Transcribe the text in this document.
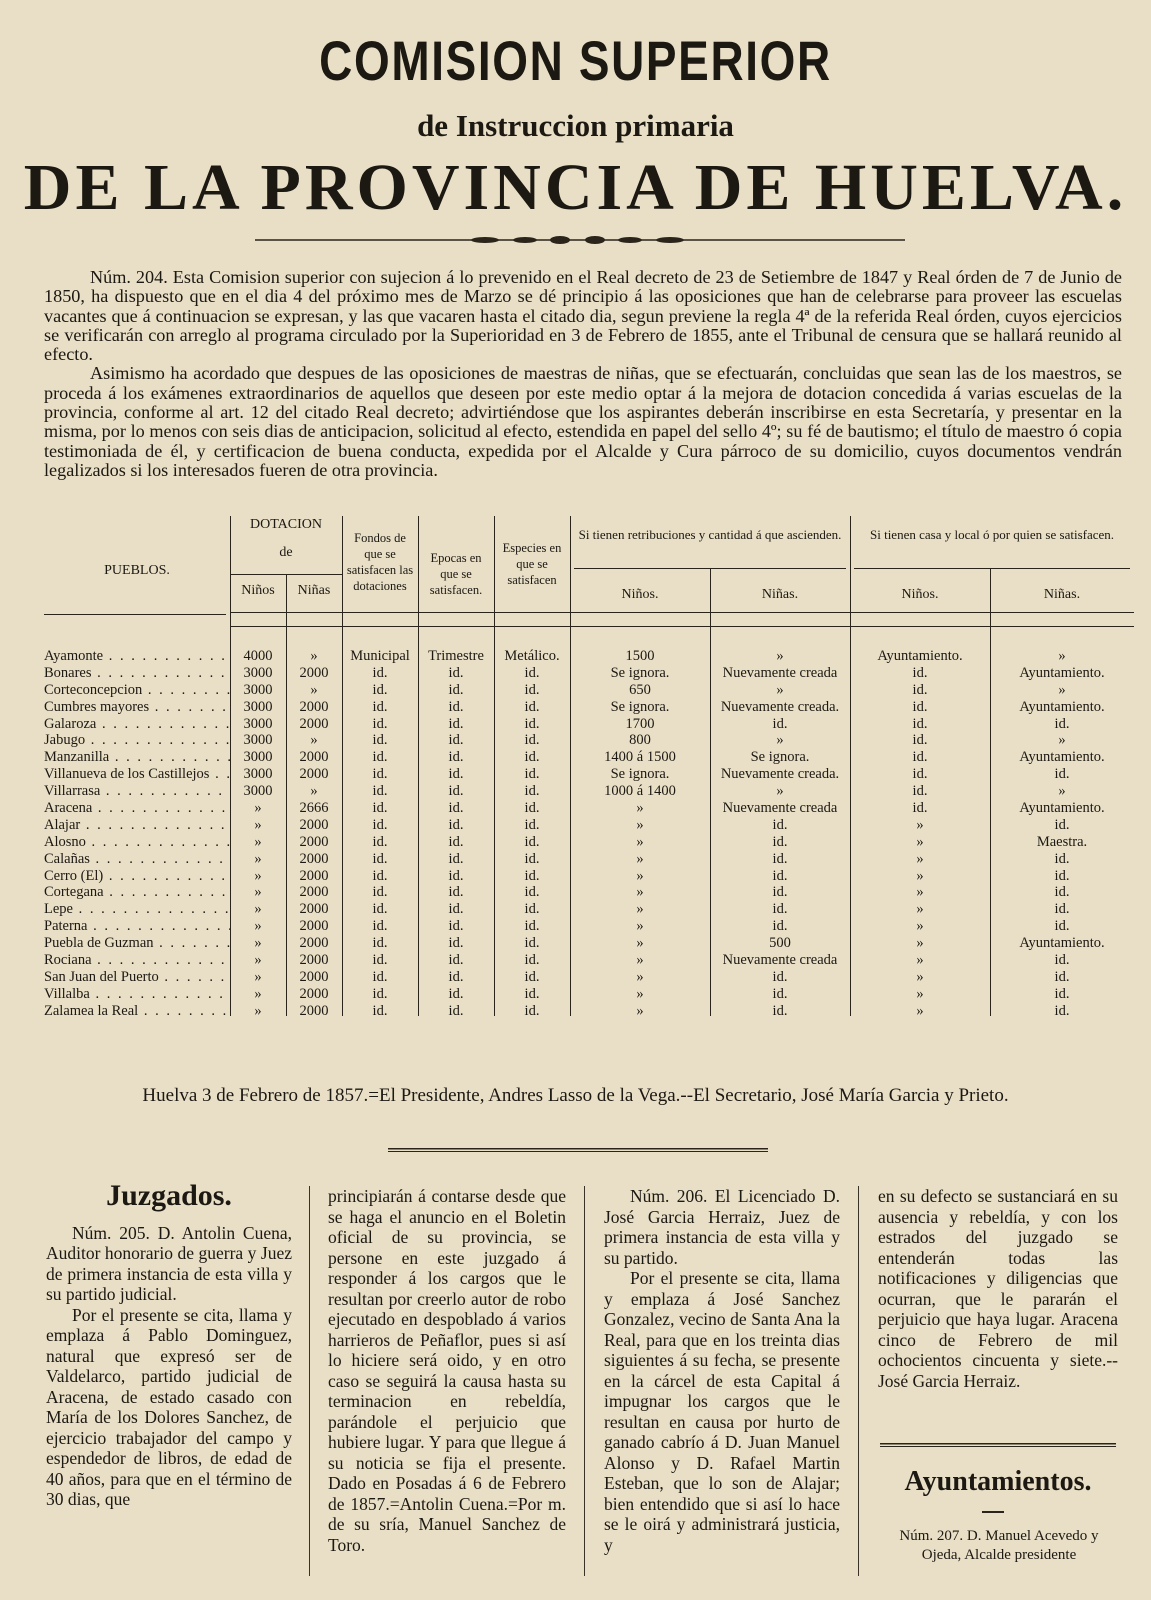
COMISION SUPERIOR
de Instruccion primaria
DE LA PROVINCIA DE HUELVA.

Núm. 204. Esta Comision superior con sujecion á lo prevenido en el Real decreto de 23 de Setiembre de 1847 y Real órden de 7 de Junio de 1850, ha dispuesto que en el dia 4 del próximo mes de Marzo se dé principio á las oposiciones que han de celebrarse para proveer las escuelas vacantes que á continuacion se expresan, y las que vacaren hasta el citado dia, segun previene la regla 4ª de la referida Real órden, cuyos ejercicios se verificarán con arreglo al programa circulado por la Superioridad en 3 de Febrero de 1855, ante el Tribunal de censura que se hallará reunido al efecto.

Asimismo ha acordado que despues de las oposiciones de maestras de niñas, que se efectuarán, concluidas que sean las de los maestros, se proceda á los exámenes extraordinarios de aquellos que deseen por este medio optar á la mejora de dotacion concedida á varias escuelas de la provincia, conforme al art. 12 del citado Real decreto; advirtiéndose que los aspirantes deberán inscribirse en esta Secretaría, y presentar en la misma, por lo menos con seis dias de anticipacion, solicitud al efecto, estendida en papel del sello 4º; su fé de bautismo; el título de maestro ó copia testimoniada de él, y certificacion de buena conducta, expedida por el Alcalde y Cura párroco de su domicilio, cuyos documentos vendrán legalizados si los interesados fueren de otra provincia.

PUEBLOS.
DOTACION
de
Niños	Niñas
Fondos de que se satisfacen las dotaciones
Epocas en que se satisfacen.
Especies en que se satisfacen
Si tienen retribuciones y cantidad á que ascienden.	Si tienen casa y local ó por quien se satisfacen.
Niños.	Niñas.	Niños.	Niñas.
Ayamonte . . .	4000	»	Municipal	Trimestre	Metálico.	1500	»	Ayuntamiento.	»
Bonares . . .	3000	2000	id.	id.	id.	Se ignora.	Nuevamente creada	id.	Ayuntamiento.
Corteconcepcion . . .	3000	»	id.	id.	id.	650	»	id.	»
Cumbres mayores . . .	3000	2000	id.	id.	id.	Se ignora.	Nuevamente creada.	id.	Ayuntamiento.
Galaroza . . .	3000	2000	id.	id.	id.	1700	id.	id.	id.
Jabugo . . .	3000	»	id.	id.	id.	800	»	id.	»
Manzanilla . . .	3000	2000	id.	id.	id.	1400 á 1500	Se ignora.	id.	Ayuntamiento.
Villanueva de los Castillejos . . .	3000	2000	id.	id.	id.	Se ignora.	Nuevamente creada.	id.	id.
Villarrasa . . .	3000	»	id.	id.	id.	1000 á 1400	»	id.	»
Aracena . . .	»	2666	id.	id.	id.	»	Nuevamente creada	id.	Ayuntamiento.
Alajar . . .	»	2000	id.	id.	id.	»	id.	»	id.
Alosno . . .	»	2000	id.	id.	id.	»	id.	»	Maestra.
Calañas . . .	»	2000	id.	id.	id.	»	id.	»	id.
Cerro (El) . . .	»	2000	id.	id.	id.	»	id.	»	id.
Cortegana . . .	»	2000	id.	id.	id.	»	id.	»	id.
Lepe . . .	»	2000	id.	id.	id.	»	id.	»	id.
Paterna . . .	»	2000	id.	id.	id.	»	id.	»	id.
Puebla de Guzman . . .	»	2000	id.	id.	id.	»	500	»	Ayuntamiento.
Rociana . . .	»	2000	id.	id.	id.	»	Nuevamente creada	»	id.
San Juan del Puerto . . .	»	2000	id.	id.	id.	»	id.	»	id.
Villalba . . .	»	2000	id.	id.	id.	»	id.	»	id.
Zalamea la Real . . .	»	2000	id.	id.	id.	»	id.	»	id.
Huelva 3 de Febrero de 1857.=El Presidente, Andres Lasso de la Vega.--El Secretario, José María Garcia y Prieto.
Juzgados.

Núm. 205. D. Antolin Cuena, Auditor honorario de guerra y Juez de primera instancia de esta villa y su partido judicial.

Por el presente se cita, llama y emplaza á Pablo Dominguez, natural que expresó ser de Valdelarco, partido judicial de Aracena, de estado casado con María de los Dolores Sanchez, de ejercicio trabajador del campo y espendedor de libros, de edad de 40 años, para que en el término de 30 dias, que

principiarán á contarse desde que se haga el anuncio en el Boletin oficial de su provincia, se persone en este juzgado á responder á los cargos que le resultan por creerlo autor de robo ejecutado en despoblado á varios harrieros de Peñaflor, pues si así lo hiciere será oido, y en otro caso se seguirá la causa hasta su terminacion en rebeldía, parándole el perjuicio que hubiere lugar. Y para que llegue á su noticia se fija el presente. Dado en Posadas á 6 de Febrero de 1857.=Antolin Cuena.=Por m. de su sría, Manuel Sanchez de Toro.

Núm. 206. El Licenciado D. José Garcia Herraiz, Juez de primera instancia de esta villa y su partido.

Por el presente se cita, llama y emplaza á José Sanchez Gonzalez, vecino de Santa Ana la Real, para que en los treinta dias siguientes á su fecha, se presente en la cárcel de esta Capital á impugnar los cargos que le resultan en causa por hurto de ganado cabrío á D. Juan Manuel Alonso y D. Rafael Martin Esteban, que lo son de Alajar; bien entendido que si así lo hace se le oirá y administrará justicia, y

en su defecto se sustanciará en su ausencia y rebeldía, y con los estrados del juzgado se entenderán todas las notificaciones y diligencias que ocurran, que le pararán el perjuicio que haya lugar. Aracena cinco de Febrero de mil ochocientos cincuenta y siete.--José Garcia Herraiz.

Ayuntamientos.
Núm. 207. D. Manuel Acevedo y Ojeda, Alcalde presidente
